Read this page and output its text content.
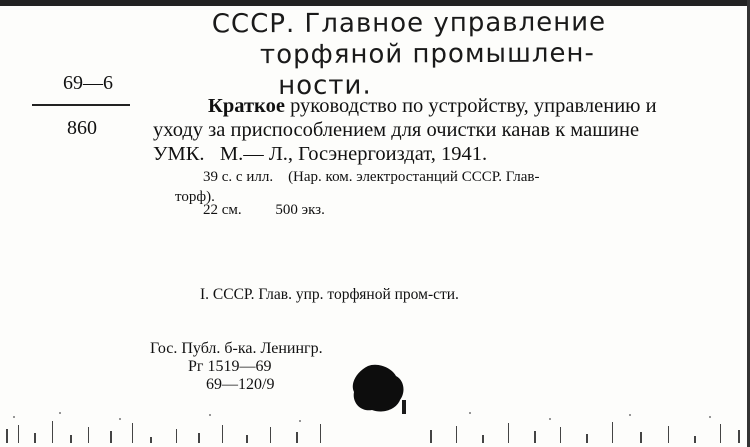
СССР. Главное управление
торфяной промышлен-
ности.
69—6
860
Краткое руководство по устройству, управлению и
уходу за приспособлением для очистки канав к машине
УМК.   М.— Л., Госэнергоиздат, 1941.
39 с. с илл.    (Нар. ком. электростанций СССР. Глав-
торф).
22 см. 500 экз.
I. СССР. Глав. упр. торфяной пром-сти.
Гос. Публ. б-ка. Ленингр.
Рг 1519—69
69—120/9
